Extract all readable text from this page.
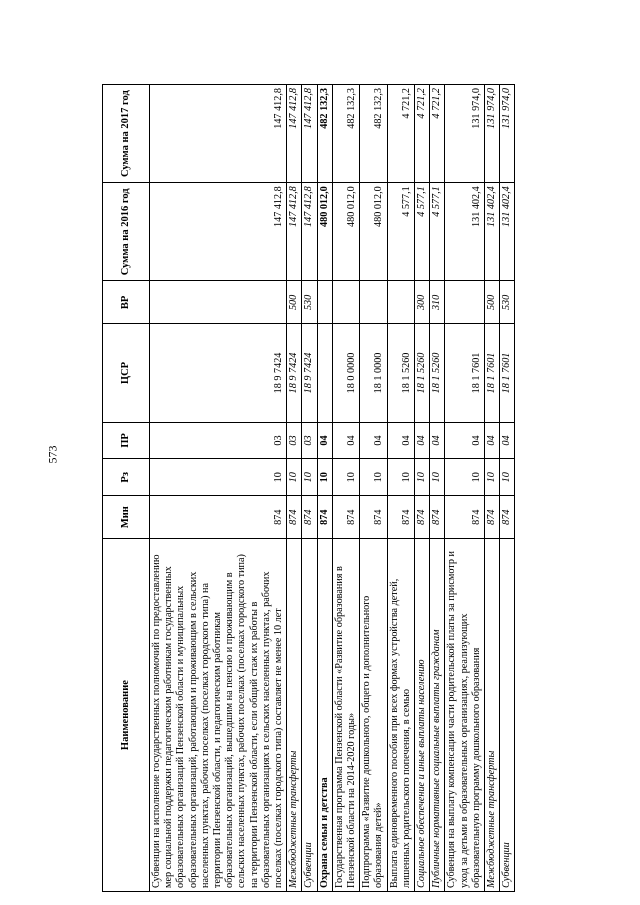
573
Наименование	Мин	Рз	ПР	ЦСР	ВР	Сумма на 2016 год	Сумма на 2017 год
Субвенции на исполнение государственных полномочий по предоставлению мер социальной поддержки педагогическим работникам государственных образовательных организаций Пензенской области и муниципальных образовательных организаций, работающим и проживающим в сельских населенных пунктах, рабочих поселках (поселках городского типа) на территории Пензенской области, и педагогическим работникам образовательных организаций, вышедшим на пенсию и проживающим в сельских населенных пунктах, рабочих поселках (поселках городского типа) на территории Пензенской области, если общий стаж их работы в образовательных организациях в сельских населенных пунктах, рабочих поселках (поселках городского типа) составляет не менее 10 лет	874	10	03	18 9 7424		147 412,8	147 412,8
Межбюджетные трансферты	874	10	03	18 9 7424	500	147 412,8	147 412,8
Субвенции	874	10	03	18 9 7424	530	147 412,8	147 412,8
Охрана семьи и детства	874	10	04			480 012,0	482 132,3
Государственная программа Пензенской области «Развитие образования в Пензенской области на 2014-2020 годы»	874	10	04	18 0 0000		480 012,0	482 132,3
Подпрограмма «Развитие дошкольного, общего и дополнительного образования детей»	874	10	04	18 1 0000		480 012,0	482 132,3
Выплата единовременного пособия при всех формах устройства детей, лишенных родительского попечения, в семью	874	10	04	18 1 5260		4 577,1	4 721,2
Социальное обеспечение и иные выплаты населению	874	10	04	18 1 5260	300	4 577,1	4 721,2
Публичные нормативные социальные выплаты гражданам	874	10	04	18 1 5260	310	4 577,1	4 721,2
Субвенция на выплату компенсации части родительской платы за присмотр и уход за детьми в образовательных организациях, реализующих образовательную программу дошкольного образования	874	10	04	18 1 7601		131 402,4	131 974,0
Межбюджетные трансферты	874	10	04	18 1 7601	500	131 402,4	131 974,0
Субвенции	874	10	04	18 1 7601	530	131 402,4	131 974,0
